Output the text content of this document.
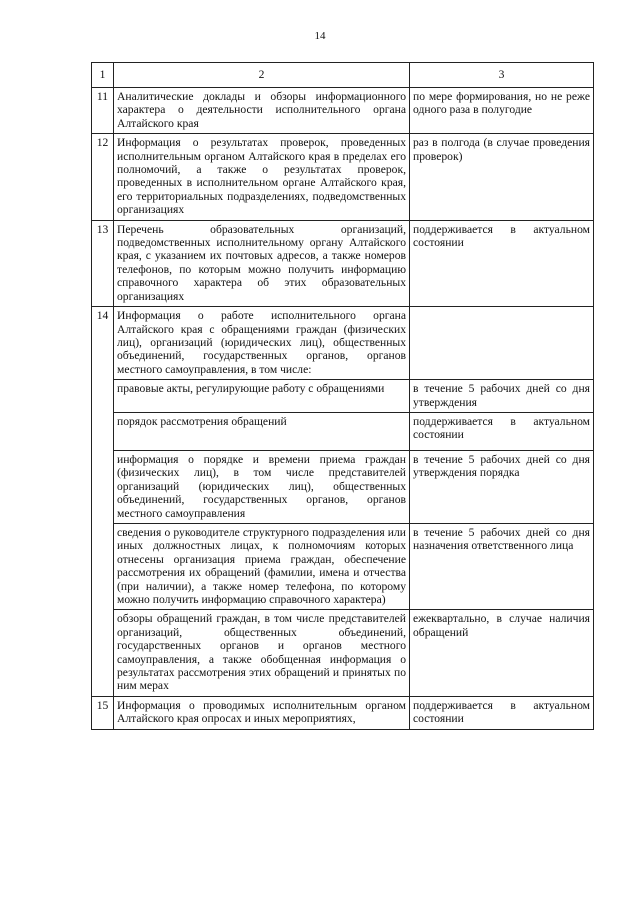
14
1	2	3
11	Аналитические доклады и обзоры информационного характера о деятельности исполнительного органа Алтайского края	по мере формирования, но не реже одного раза в полугодие
12	Информация о результатах проверок, проведенных исполнительным органом Алтайского края в пределах его полномочий, а также о результатах проверок, проведенных в исполнительном органе Алтайского края, его территориальных подразделениях, подведомственных организациях	раз в полгода (в случае проведения проверок)
13	Перечень образовательных организаций, подведомственных исполнительному органу Алтайского края, с указанием их почтовых адресов, а также номеров телефонов, по которым можно получить информацию справочного характера об этих образовательных организациях	поддерживается в актуальном состоянии
14	Информация о работе исполнительного органа Алтайского края с обращениями граждан (физических лиц), организаций (юридических лиц), общественных объединений, государственных органов, органов местного самоуправления, в том числе:	
	правовые акты, регулирующие работу с обращениями	в течение 5 рабочих дней со дня утверждения
	порядок рассмотрения обращений	поддерживается в актуальном состоянии
	информация о порядке и времени приема граждан (физических лиц), в том числе представителей организаций (юридических лиц), общественных объединений, государственных органов, органов местного самоуправления	в течение 5 рабочих дней со дня утверждения порядка
	сведения о руководителе структурного подразделения или иных должностных лицах, к полномочиям которых отнесены организация приема граждан, обеспечение рассмотрения их обращений (фамилии, имена и отчества (при наличии), а также номер телефона, по которому можно получить информацию справочного характера)	в течение 5 рабочих дней со дня назначения ответственного лица
	обзоры обращений граждан, в том числе представителей организаций, общественных объединений, государственных органов и органов местного самоуправления, а также обобщенная информация о результатах рассмотрения этих обращений и принятых по ним мерах	ежеквартально, в случае наличия обращений
15	Информация о проводимых исполнительным органом Алтайского края опросах и иных мероприятиях,	поддерживается в актуальном состоянии
